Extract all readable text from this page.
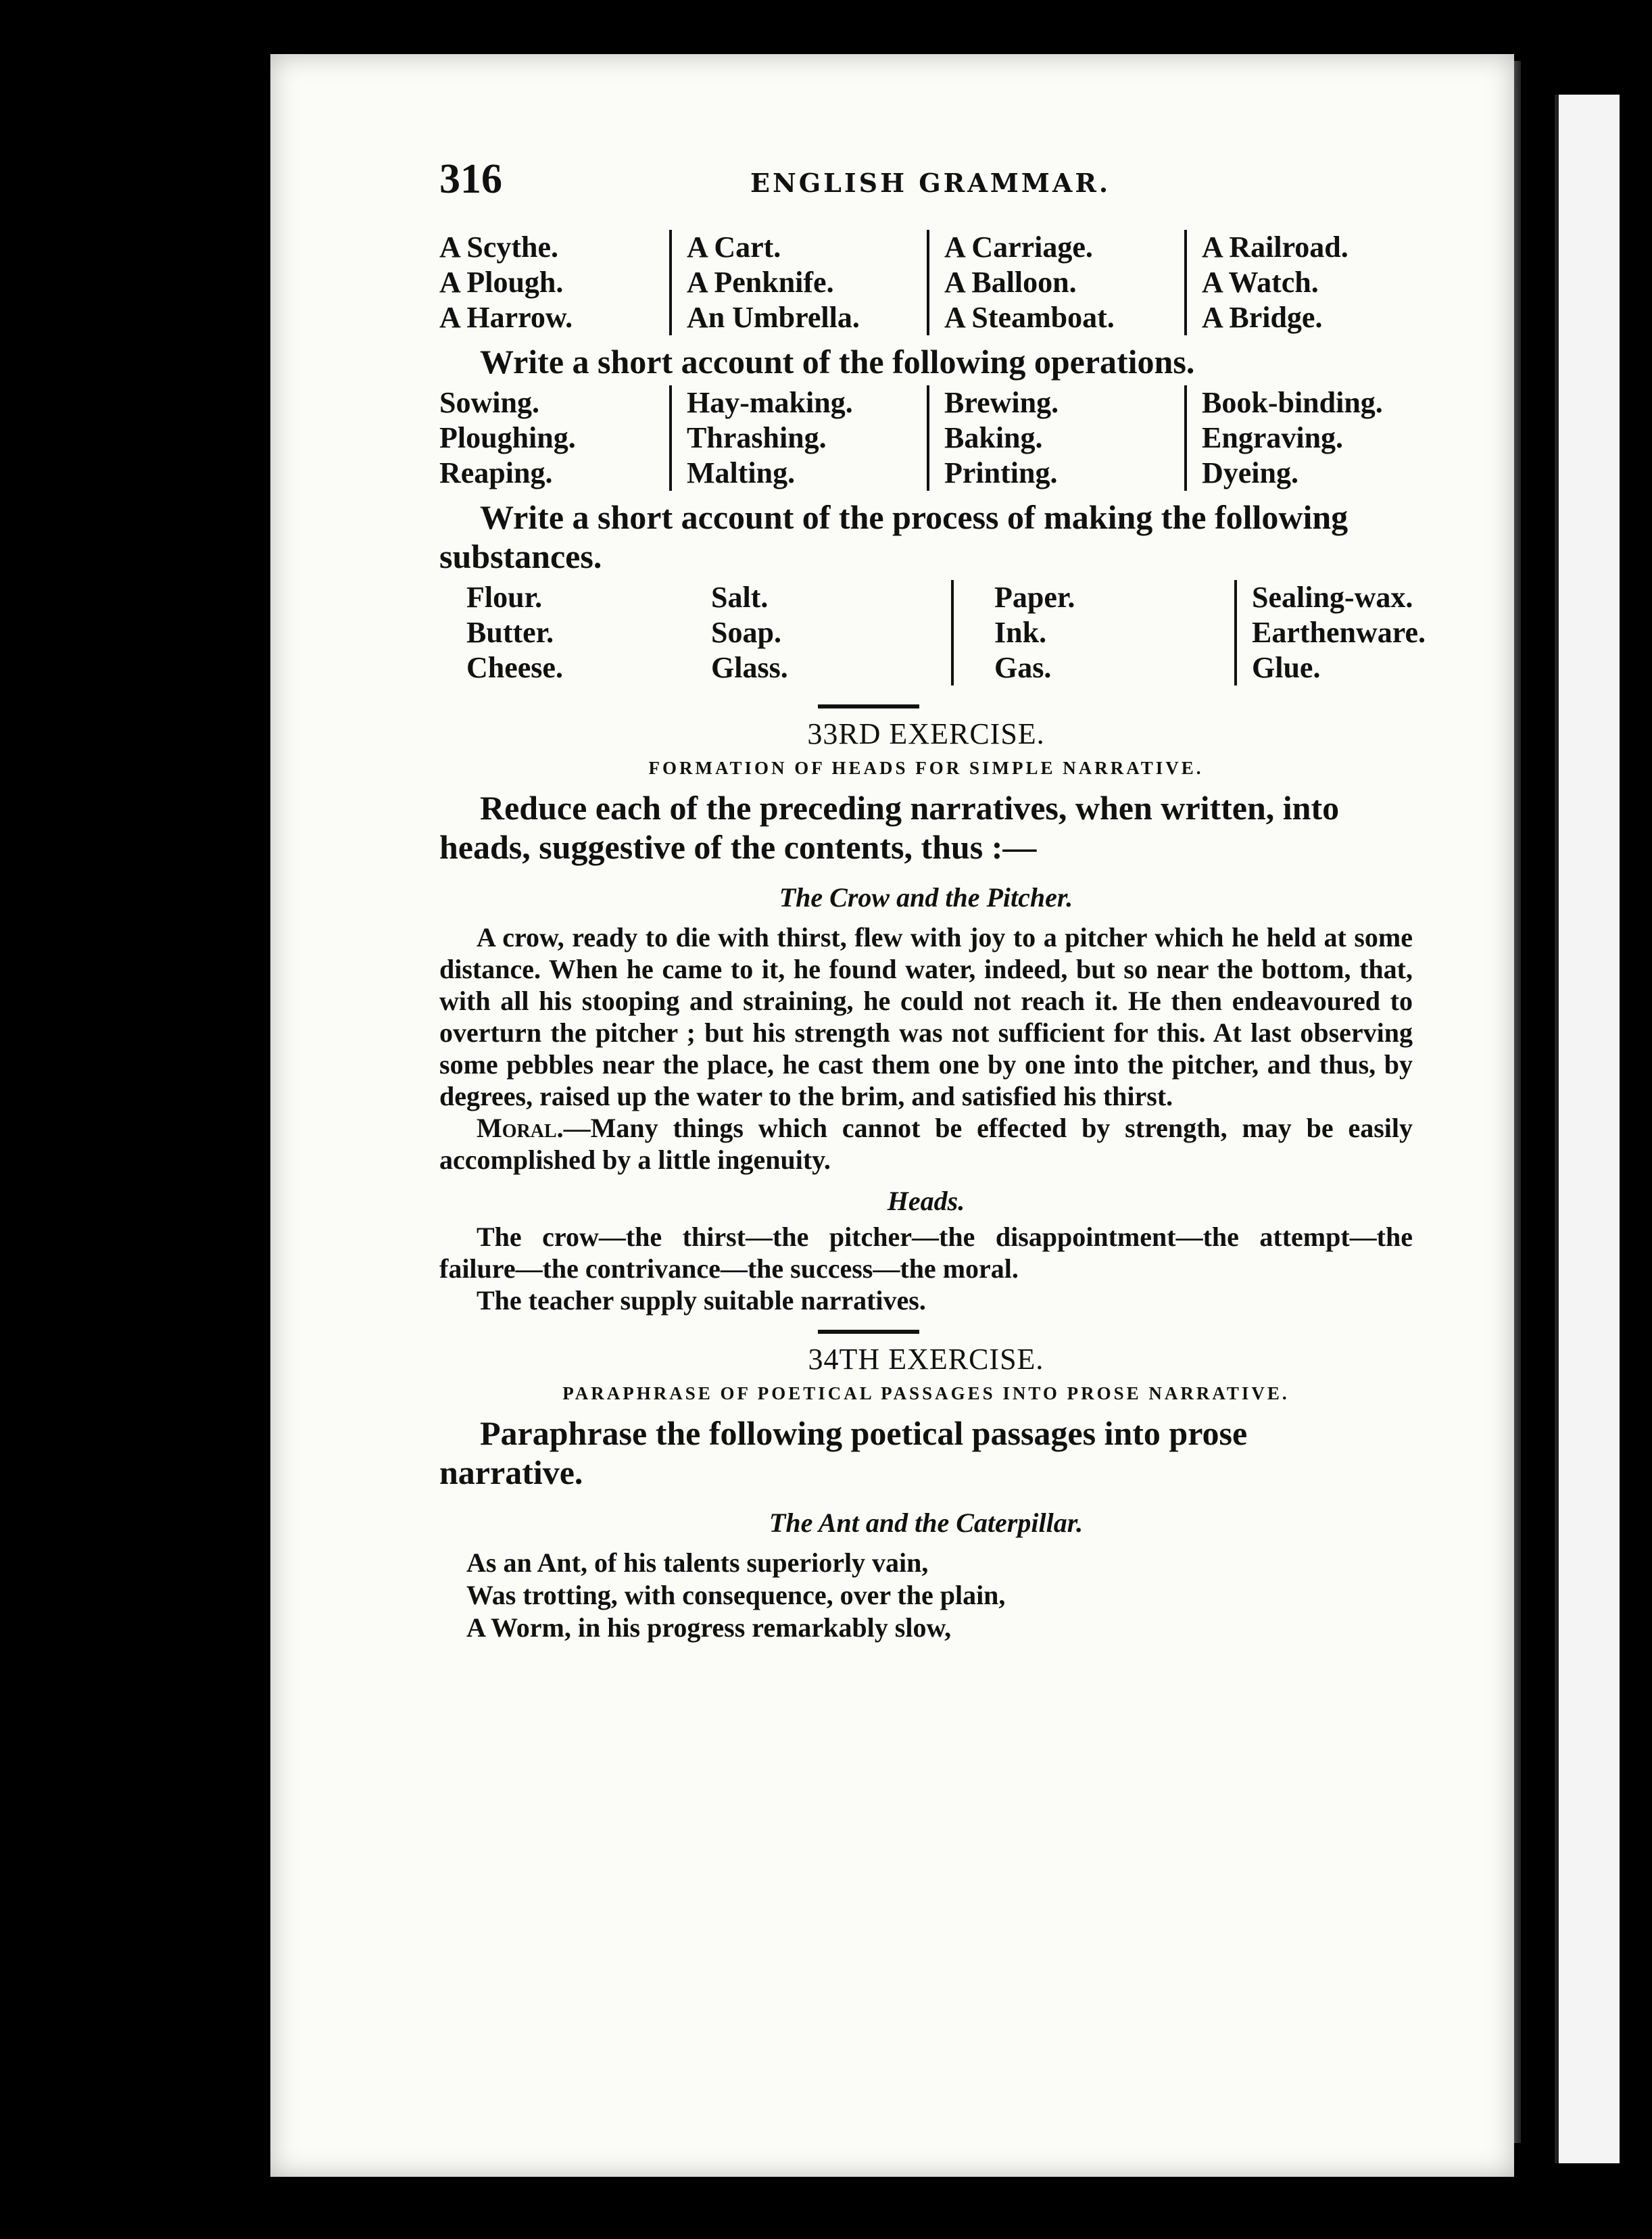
316	ENGLISH GRAMMAR.
A Scythe.
A Plough.
A Harrow.
A Cart.
A Penknife.
An Umbrella.
A Carriage.
A Balloon.
A Steamboat.
A Railroad.
A Watch.
A Bridge.

Write a short account of the following operations.

Sowing.
Ploughing.
Reaping.
Hay-making.
Thrashing.
Malting.
Brewing.
Baking.
Printing.
Book-binding.
Engraving.
Dyeing.

Write a short account of the process of making the following substances.

Flour.
Butter.
Cheese.
Salt.
Soap.
Glass.
Paper.
Ink.
Gas.
Sealing-wax.
Earthenware.
Glue.
33RD EXERCISE.
FORMATION OF HEADS FOR SIMPLE NARRATIVE.

Reduce each of the preceding narratives, when written, into heads, suggestive of the contents, thus :—

The Crow and the Pitcher.

A crow, ready to die with thirst, flew with joy to a pitcher which he held at some distance. When he came to it, he found water, indeed, but so near the bottom, that, with all his stooping and straining, he could not reach it. He then endeavoured to overturn the pitcher ; but his strength was not sufficient for this. At last observing some pebbles near the place, he cast them one by one into the pitcher, and thus, by degrees, raised up the water to the brim, and satisfied his thirst.

Moral.—Many things which cannot be effected by strength, may be easily accomplished by a little ingenuity.

Heads.

The crow—the thirst—the pitcher—the disappointment—the attempt—the failure—the contrivance—the success—the moral.

The teacher supply suitable narratives.

34TH EXERCISE.
PARAPHRASE OF POETICAL PASSAGES INTO PROSE NARRATIVE.

Paraphrase the following poetical passages into prose narrative.

The Ant and the Caterpillar.
As an Ant, of his talents superiorly vain,
Was trotting, with consequence, over the plain,
A Worm, in his progress remarkably slow,
